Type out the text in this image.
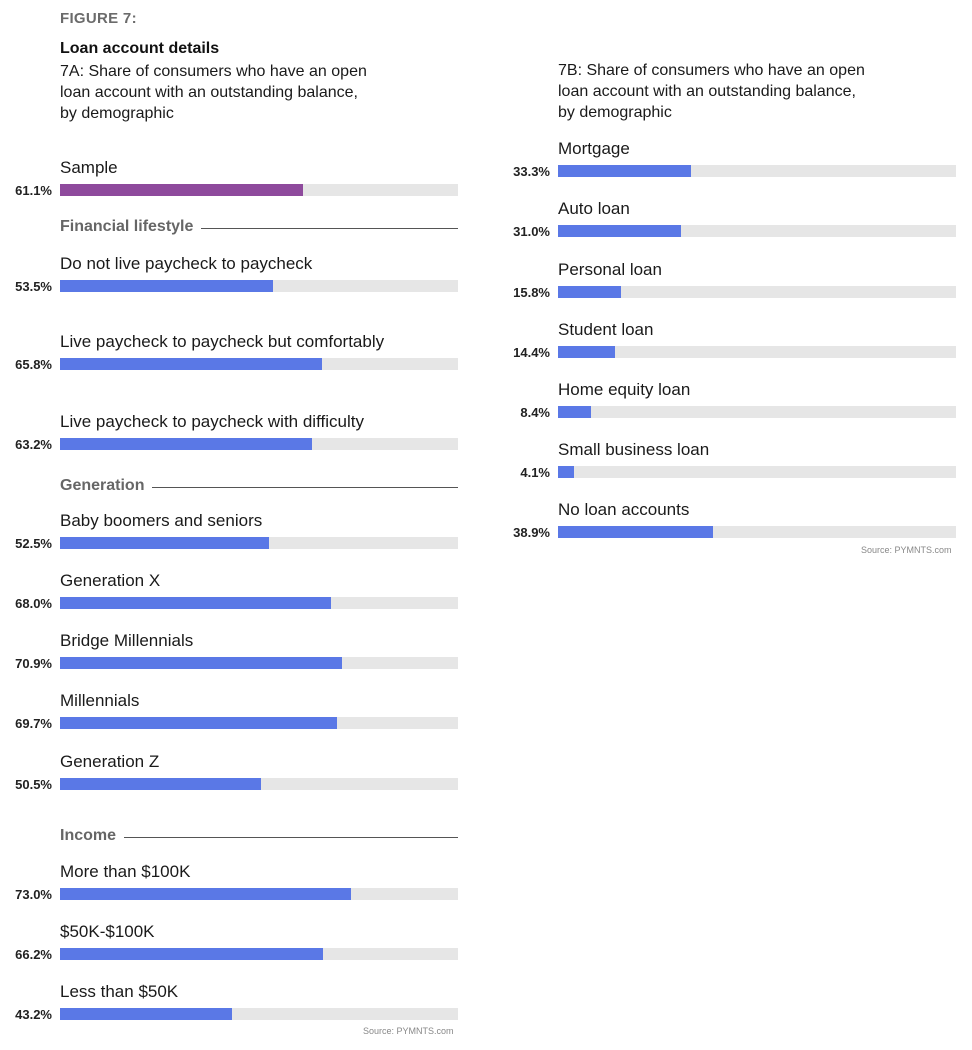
FIGURE 7:
Loan account details
7A: Share of consumers who have an open
loan account with an outstanding balance,
by demographic
7B: Share of consumers who have an open
loan account with an outstanding balance,
by demographic
Sample
61.1%
Financial lifestyle
Do not live paycheck to paycheck
53.5%
Live paycheck to paycheck but comfortably
65.8%
Live paycheck to paycheck with difficulty
63.2%
Generation
Baby boomers and seniors
52.5%
Generation X
68.0%
Bridge Millennials
70.9%
Millennials
69.7%
Generation Z
50.5%
Income
More than $100K
73.0%
$50K-$100K
66.2%
Less than $50K
43.2%
Mortgage
33.3%
Auto loan
31.0%
Personal loan
15.8%
Student loan
14.4%
Home equity loan
8.4%
Small business loan
4.1%
No loan accounts
38.9%
Source: PYMNTS.com
Source: PYMNTS.com
